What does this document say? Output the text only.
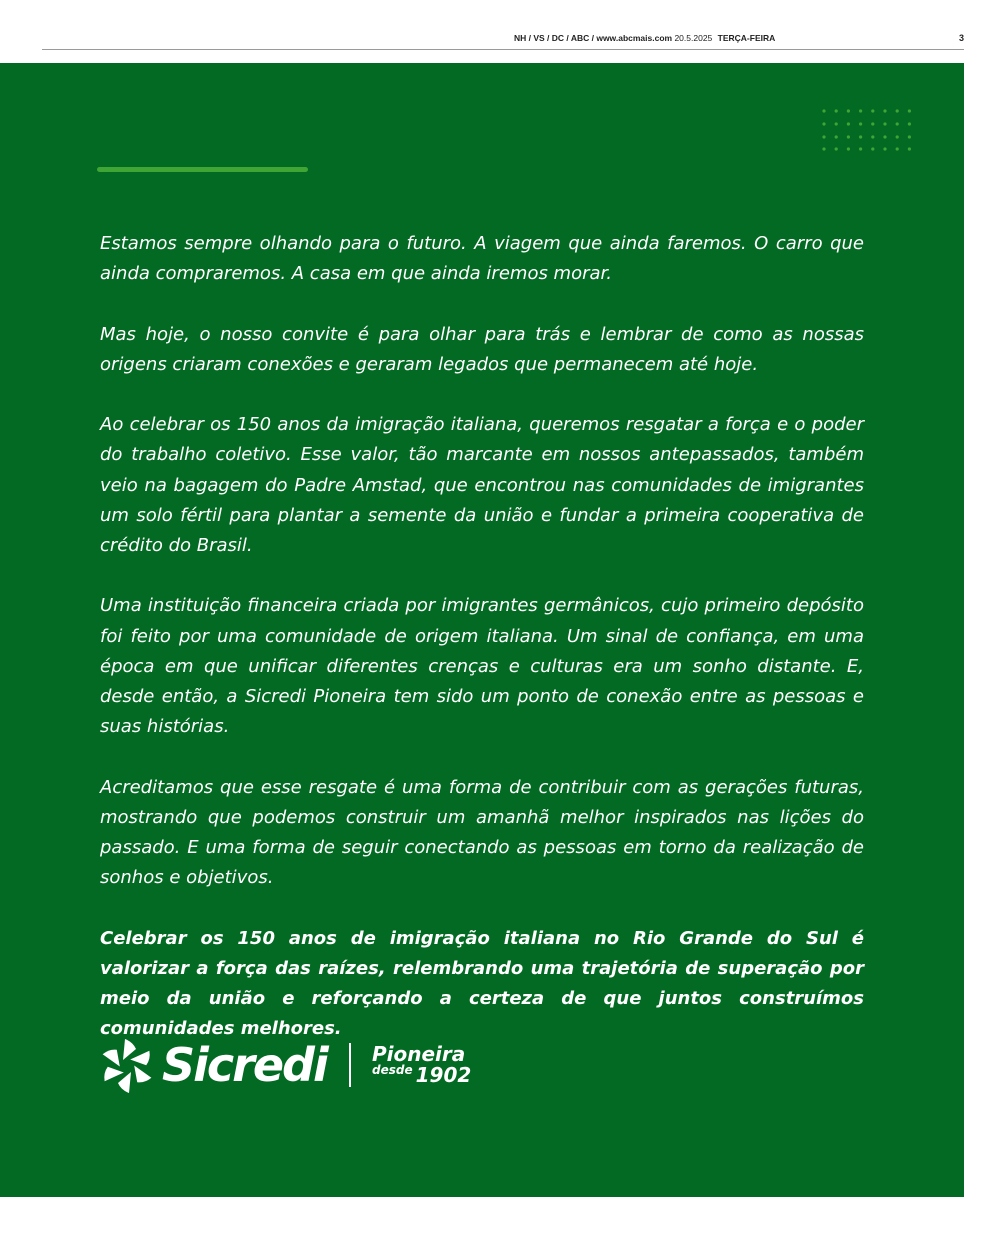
NH / VS / DC / ABC / www.abcmais.com 20.5.2025 TERÇA-FEIRA	3

Estamos sempre olhando para o futuro. A viagem que ainda faremos. O carro que ainda compraremos. A casa em que ainda iremos morar.

Mas hoje, o nosso convite é para olhar para trás e lembrar de como as nossas origens criaram conexões e geraram legados que permanecem até hoje.

Ao celebrar os 150 anos da imigração italiana, queremos resgatar a força e o poder do trabalho coletivo. Esse valor, tão marcante em nossos antepassados, também veio na bagagem do Padre Amstad, que encontrou nas comunidades de imigrantes um solo fértil para plantar a semente da união e fundar a primeira cooperativa de crédito do Brasil.

Uma instituição financeira criada por imigrantes germânicos, cujo primeiro depósito foi feito por uma comunidade de origem italiana. Um sinal de confiança, em uma época em que unificar diferentes crenças e culturas era um sonho distante. E, desde então, a Sicredi Pioneira tem sido um ponto de conexão entre as pessoas e suas histórias.

Acreditamos que esse resgate é uma forma de contribuir com as gerações futuras, mostrando que podemos construir um amanhã melhor inspirados nas lições do passado. E uma forma de seguir conectando as pessoas em torno da realização de sonhos e objetivos.

Celebrar os 150 anos de imigração italiana no Rio Grande do Sul é valorizar a força das raízes, relembrando uma trajetória de superação por meio da união e reforçando a certeza de que juntos construímos comunidades melhores.

Sicredi Pioneira
$^{desde}$ 1902
